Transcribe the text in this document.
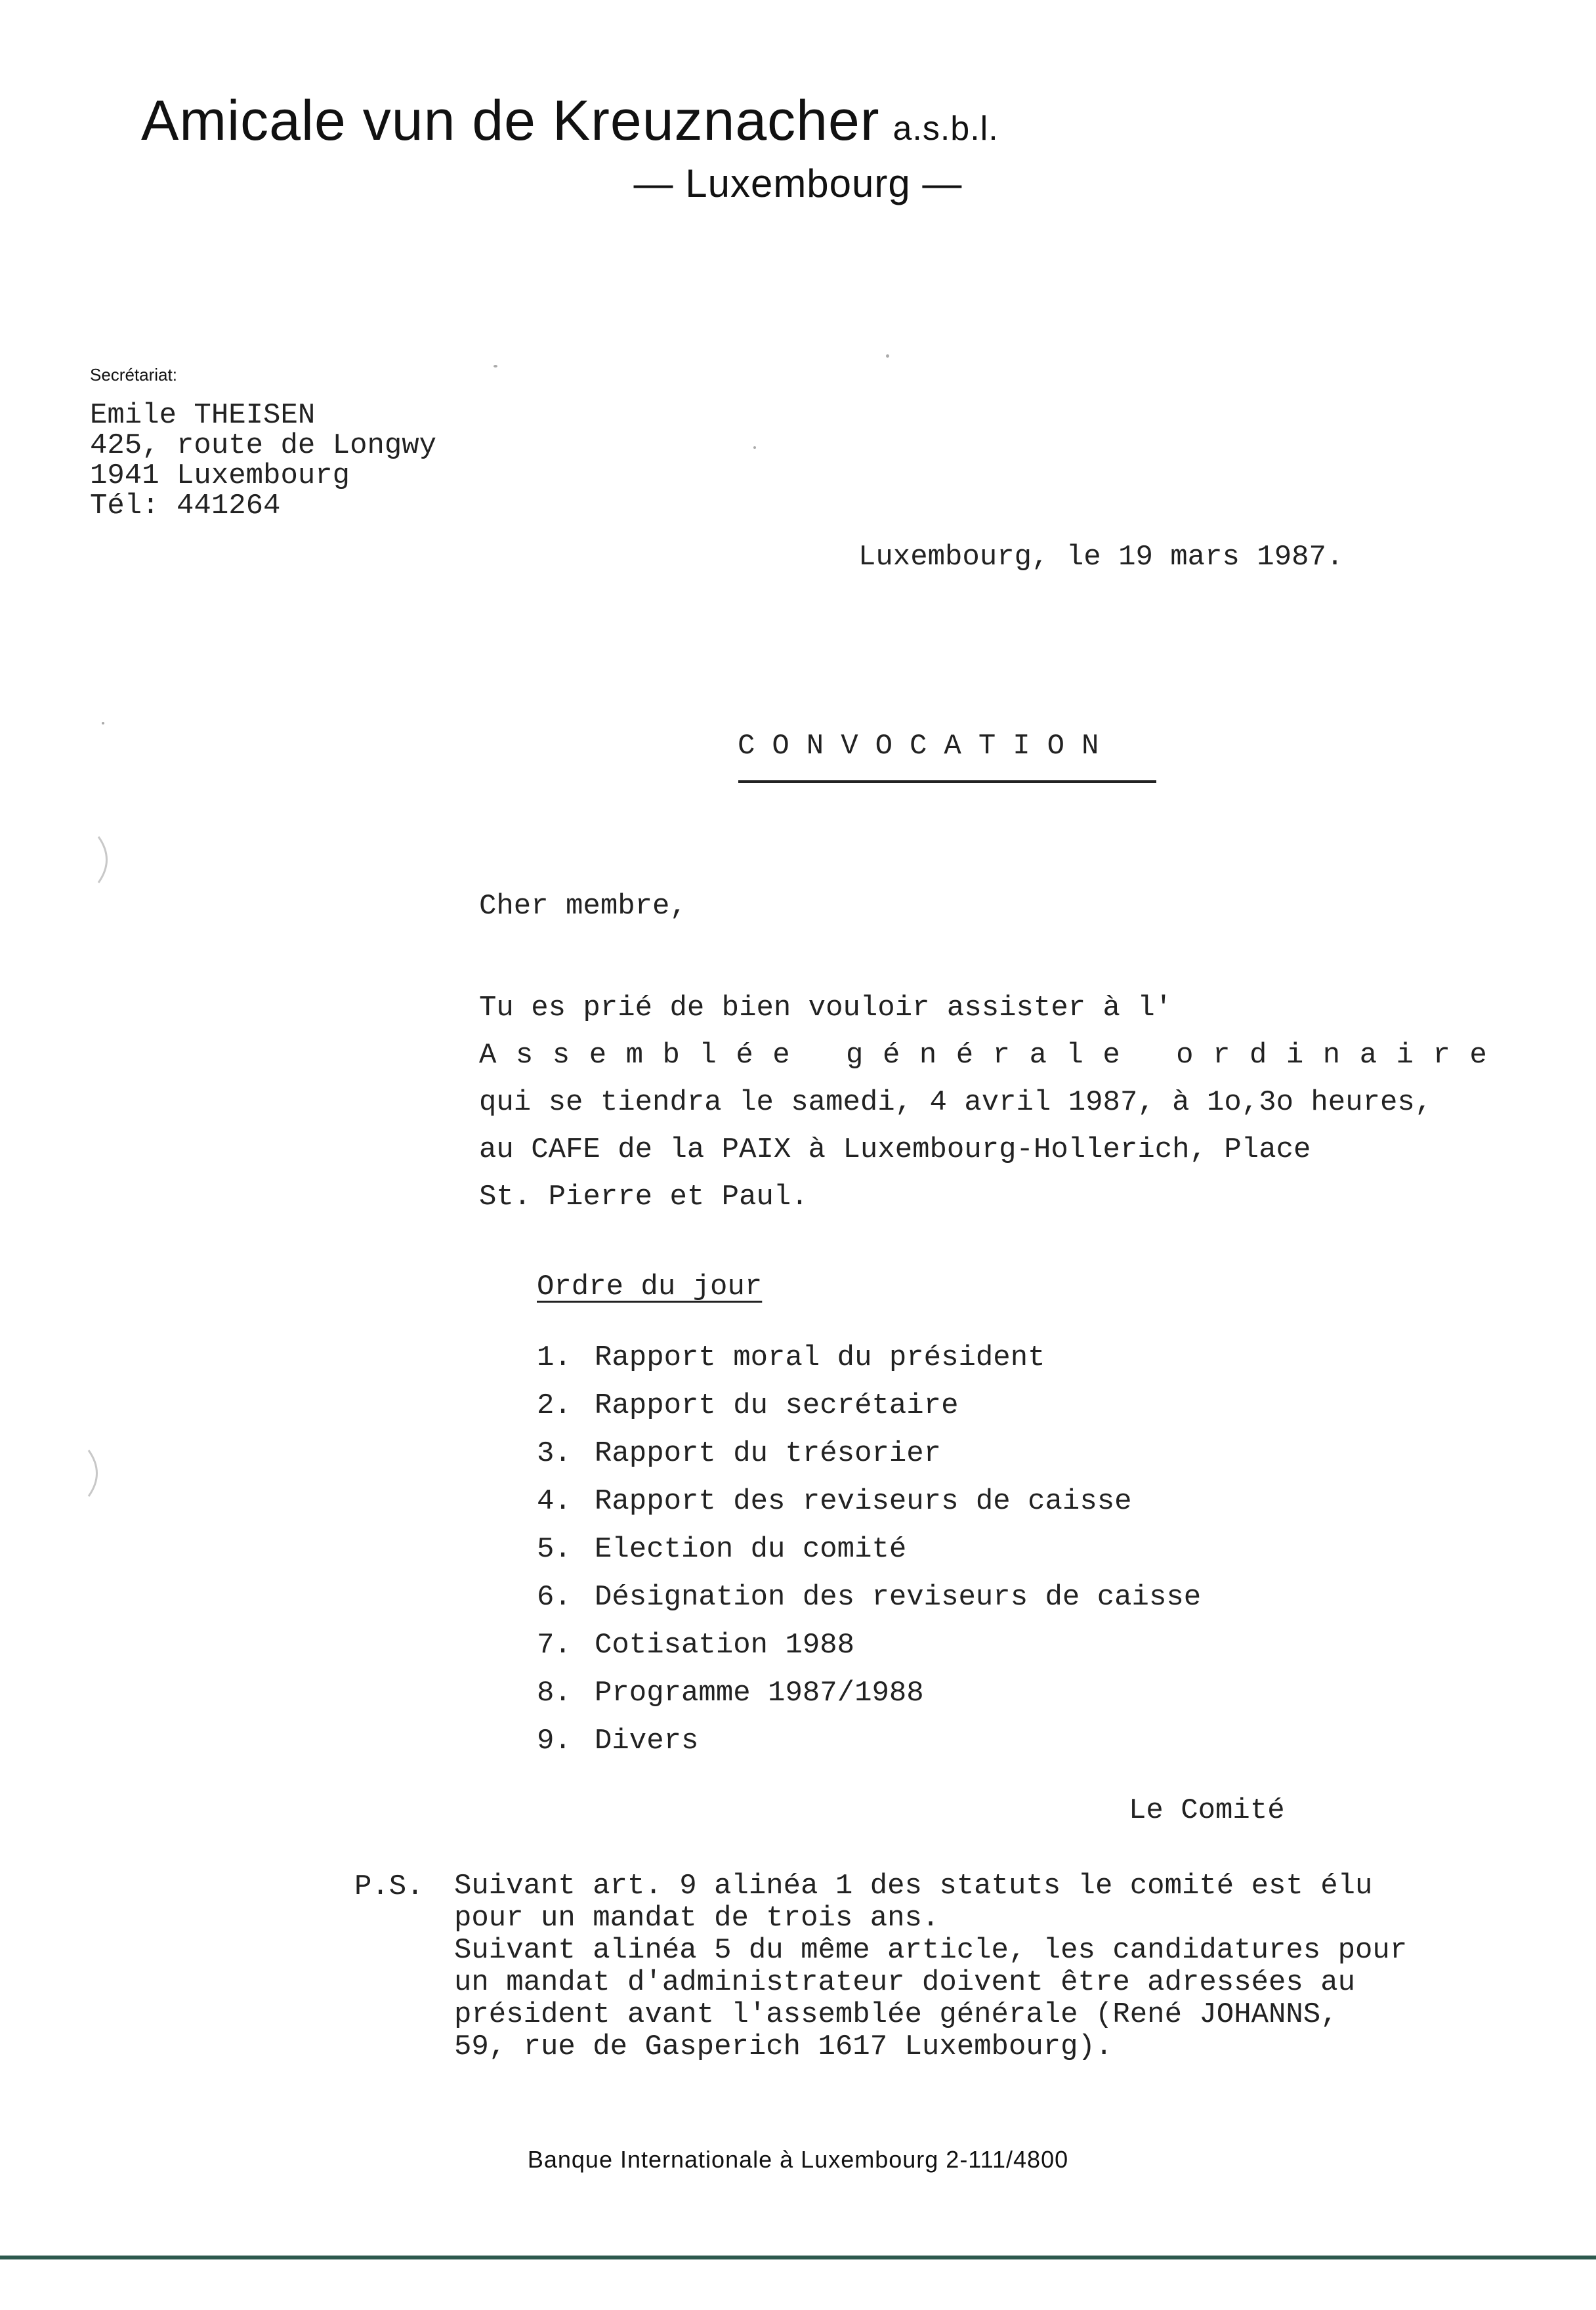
Amicale vun de Kreuznacher a.s.b.l.
— Luxembourg —
Secrétariat:
Emile THEISEN
425, route de Longwy
1941 Luxembourg
Tél: 441264
Luxembourg, le 19 mars 1987.
CONVOCATION
Cher membre,
Tu es prié de bien vouloir assister à l'
Assemblée générale ordinaire
qui se tiendra le samedi, 4 avril 1987, à 1o,3o heures,
au CAFE de la PAIX à Luxembourg-Hollerich, Place
St. Pierre et Paul.
Ordre du jour
1. Rapport moral du président
2. Rapport du secrétaire
3. Rapport du trésorier
4. Rapport des reviseurs de caisse
5. Election du comité
6. Désignation des reviseurs de caisse
7. Cotisation 1988
8. Programme 1987/1988
9. Divers
Le Comité
P.S. Suivant art. 9 alinéa 1 des statuts le comité est élu
pour un mandat de trois ans.
Suivant alinéa 5 du même article, les candidatures pour
un mandat d'administrateur doivent être adressées au
président avant l'assemblée générale (René JOHANNS,
59, rue de Gasperich 1617 Luxembourg).
Banque Internationale à Luxembourg 2-111/4800
